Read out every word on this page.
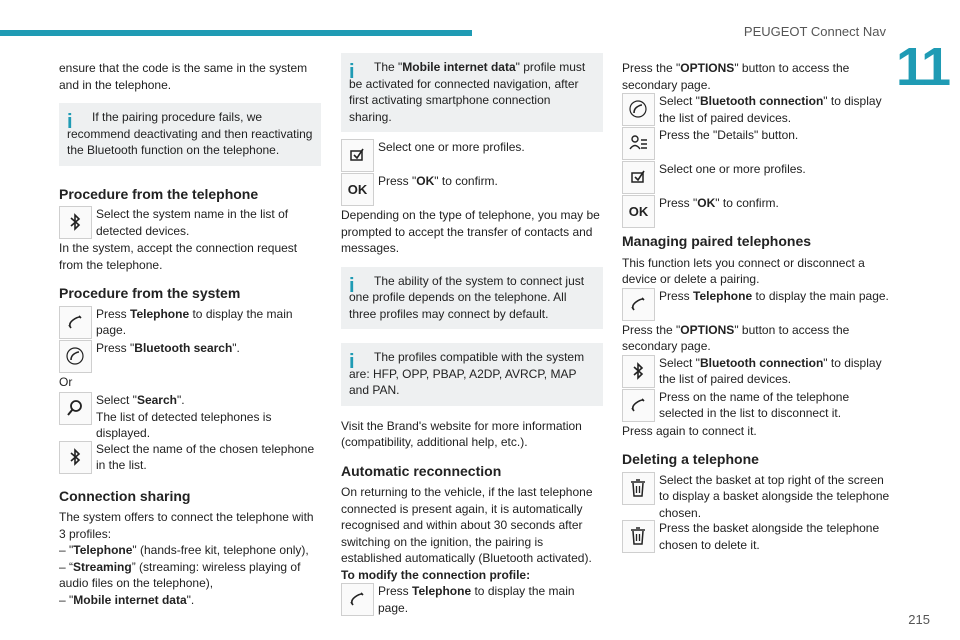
PEUGEOT Connect Nav
11
215

ensure that the code is the same in the system and in the telephone.

i	If the pairing procedure fails, we

recommend deactivating and then reactivating the Bluetooth function on the telephone.

Procedure from the telephone

Select the system name in the list of detected devices.

In the system, accept the connection request from the telephone.

Procedure from the system

Press Telephone to display the main page.

Press "Bluetooth search".

Or

Select "Search".

The list of detected telephones is displayed.

Select the name of the chosen telephone in the list.

Connection sharing

The system offers to connect the telephone with 3 profiles:

– "Telephone" (hands-free kit, telephone only),

– “Streaming” (streaming: wireless playing of audio files on the telephone),

– "Mobile internet data".

i	The "Mobile internet data" profile must

be activated for connected navigation, after first activating smartphone connection sharing.

Select one or more profiles.

OK

Press "OK" to confirm.

Depending on the type of telephone, you may be prompted to accept the transfer of contacts and messages.

i	The ability of the system to connect just

one profile depends on the telephone. All three profiles may connect by default.

i	The profiles compatible with the system

are: HFP, OPP, PBAP, A2DP, AVRCP, MAP and PAN.

Visit the Brand's website for more information (compatibility, additional help, etc.).

Automatic reconnection

On returning to the vehicle, if the last telephone connected is present again, it is automatically recognised and within about 30 seconds after switching on the ignition, the pairing is established automatically (Bluetooth activated).

To modify the connection profile:

Press Telephone to display the main page.

Press the "OPTIONS" button to access the secondary page.

Select "Bluetooth connection" to display the list of paired devices.

Press the "Details" button.

Select one or more profiles.

OK

Press "OK" to confirm.

Managing paired telephones

This function lets you connect or disconnect a device or delete a pairing.

Press Telephone to display the main page.

Press the "OPTIONS" button to access the secondary page.

Select "Bluetooth connection" to display the list of paired devices.

Press on the name of the telephone selected in the list to disconnect it.

Press again to connect it.

Deleting a telephone

Select the basket at top right of the screen to display a basket alongside the telephone chosen.

Press the basket alongside the telephone chosen to delete it.
